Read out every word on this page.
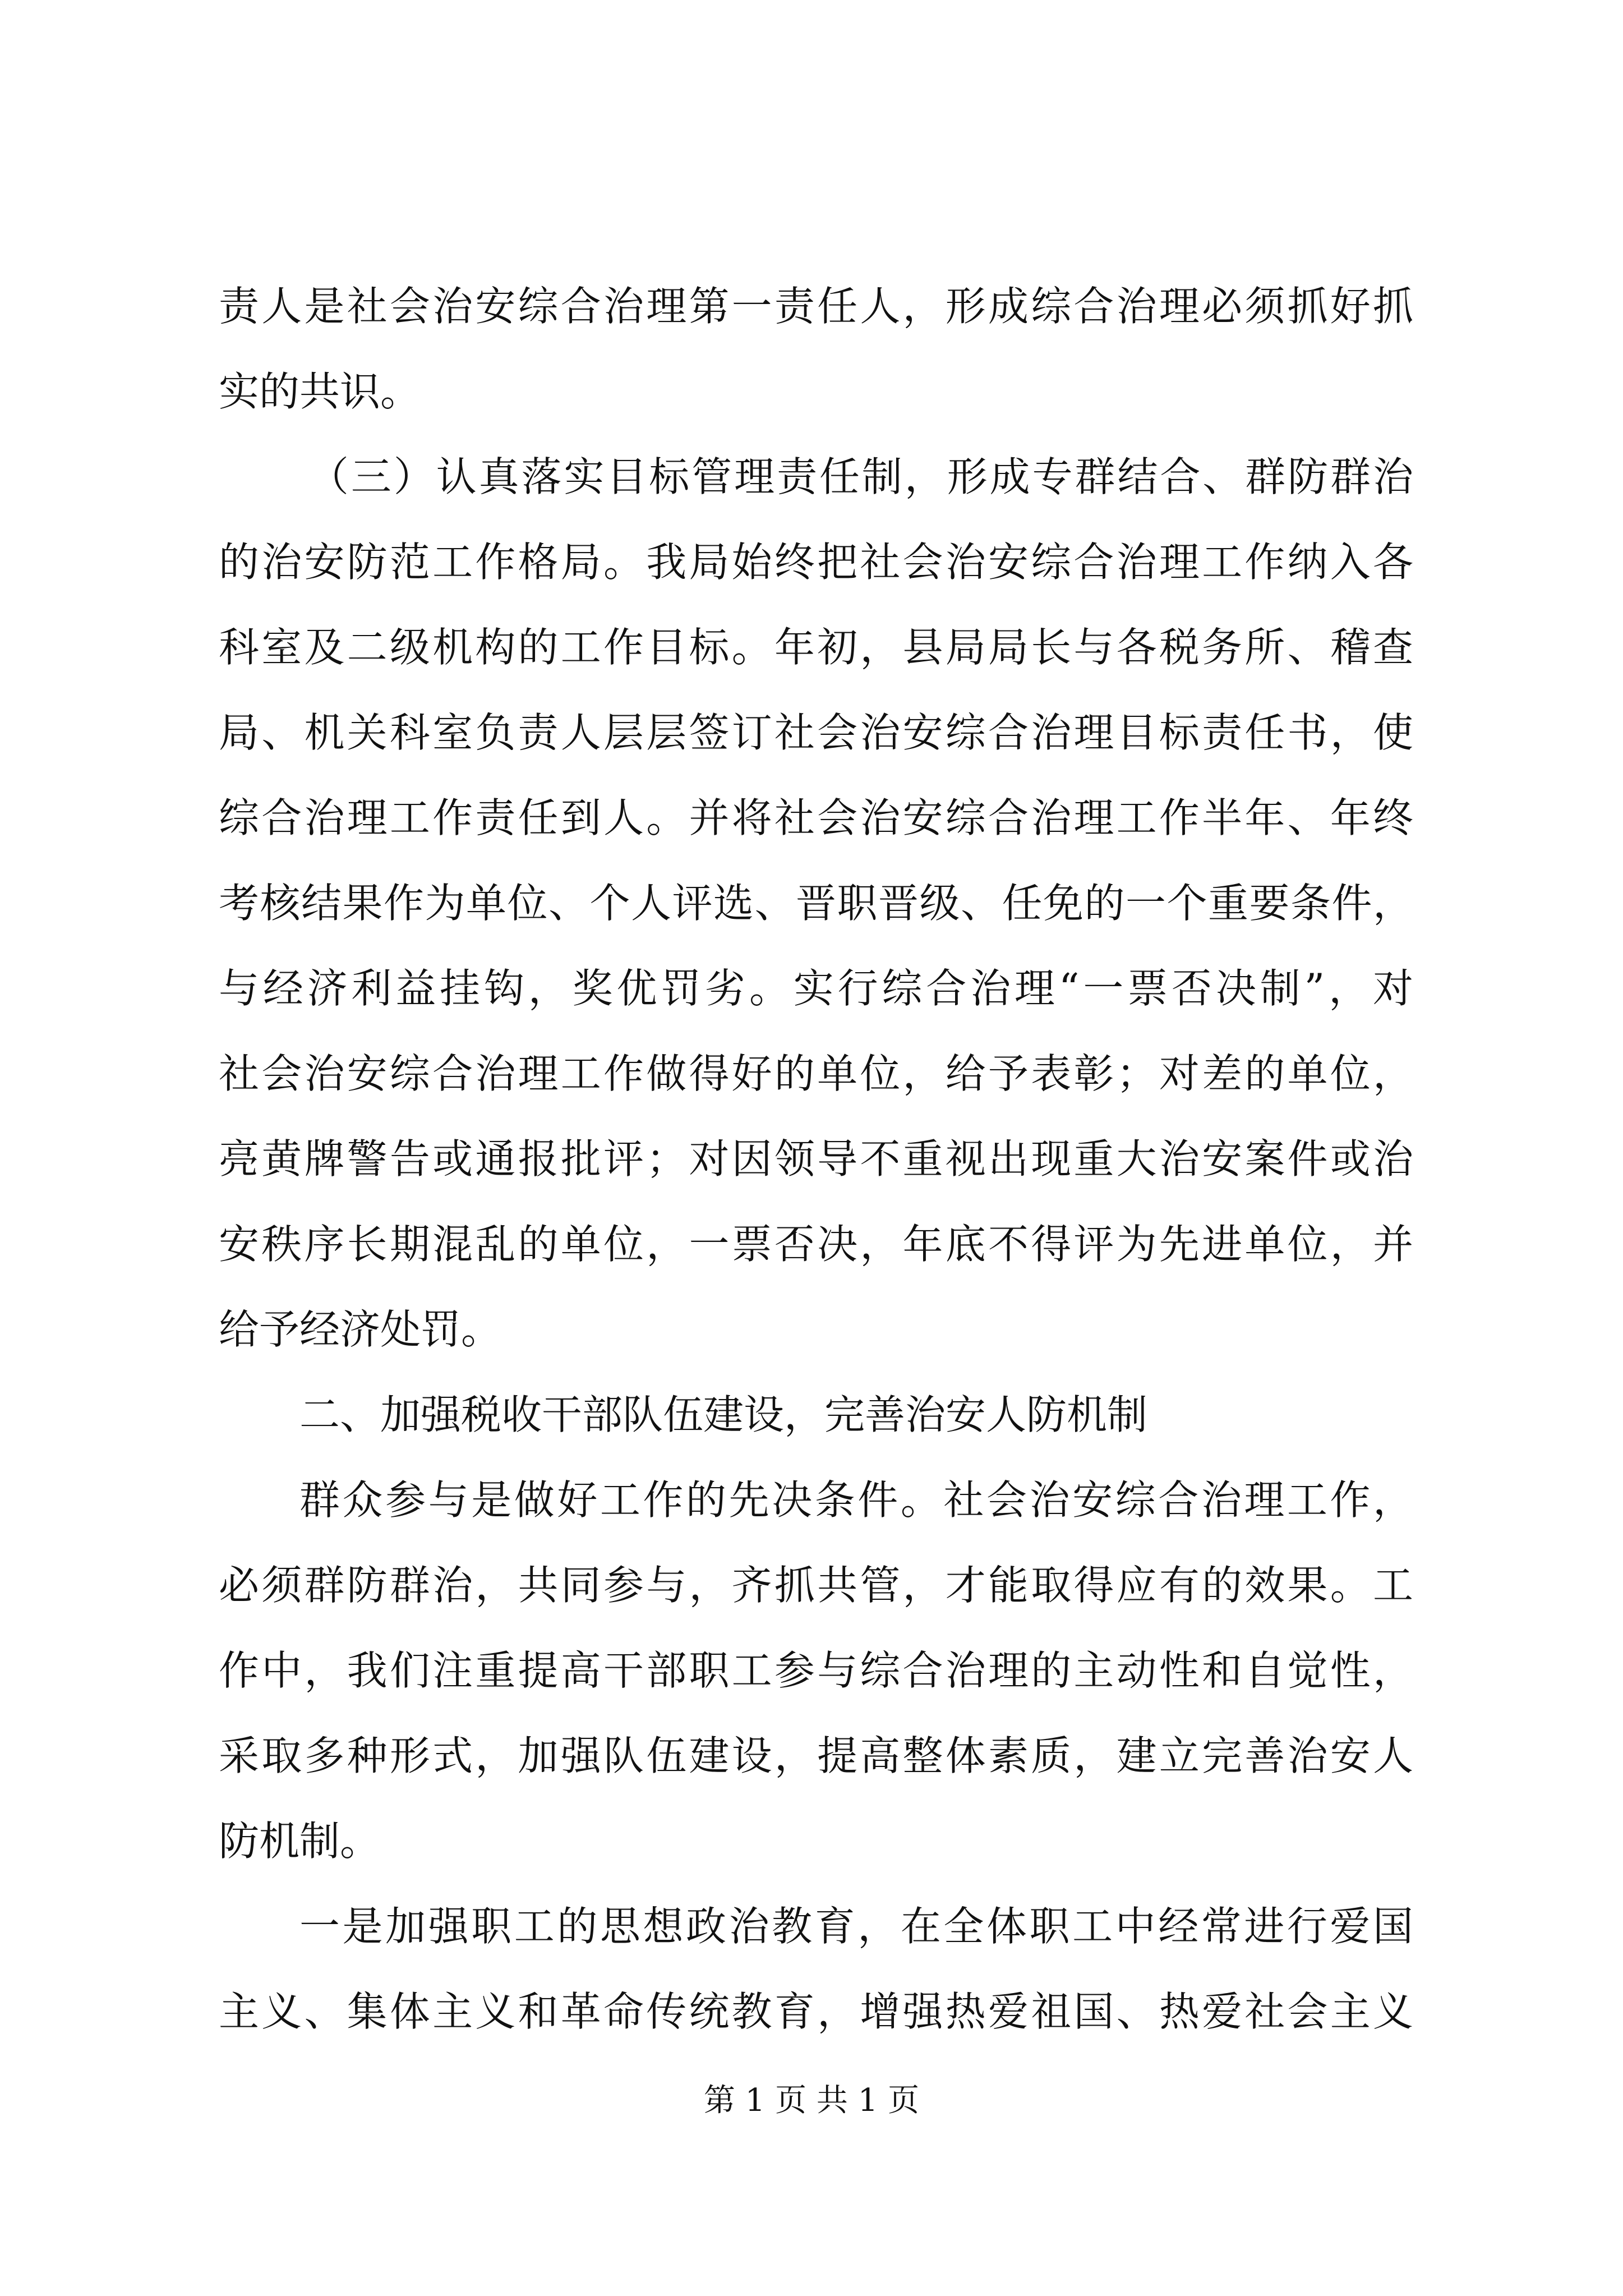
责人是社会治安综合治理第一责任人，形成综合治理必须抓好抓
实的共识。
　（三）认真落实目标管理责任制，形成专群结合、群防群治
的治安防范工作格局。我局始终把社会治安综合治理工作纳入各
科室及二级机构的工作目标。年初，县局局长与各税务所、稽查
局、机关科室负责人层层签订社会治安综合治理目标责任书，使
综合治理工作责任到人。并将社会治安综合治理工作半年、年终
考核结果作为单位、个人评选、晋职晋级、任免的一个重要条件，
与经济利益挂钩，奖优罚劣。实行综合治理“一票否决制”，对
社会治安综合治理工作做得好的单位，给予表彰；对差的单位，
亮黄牌警告或通报批评；对因领导不重视出现重大治安案件或治
安秩序长期混乱的单位，一票否决，年底不得评为先进单位，并
给予经济处罚。
二、加强税收干部队伍建设，完善治安人防机制
群众参与是做好工作的先决条件。社会治安综合治理工作，
必须群防群治，共同参与，齐抓共管，才能取得应有的效果。工
作中，我们注重提高干部职工参与综合治理的主动性和自觉性，
采取多种形式，加强队伍建设，提高整体素质，建立完善治安人
防机制。
一是加强职工的思想政治教育，在全体职工中经常进行爱国
主义、集体主义和革命传统教育，增强热爱祖国、热爱社会主义
第 1 页 共 1 页
